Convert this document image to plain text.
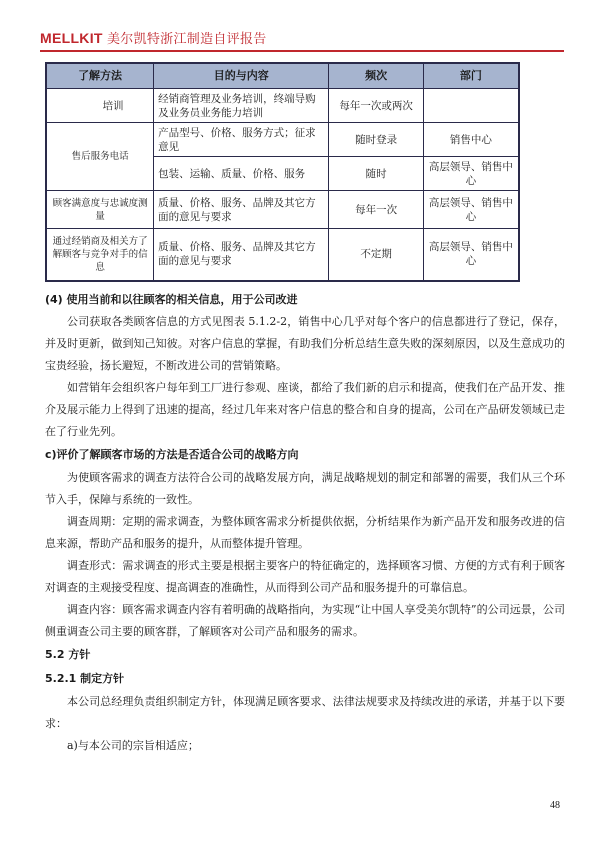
MELLKIT 美尔凯特浙江制造自评报告
了解方法	目的与内容	频次	部门
培训	经销商管理及业务培训，终端导购及业务员业务能力培训	每年一次或两次	
售后服务电话	产品型号、价格、服务方式；征求意见	随时登录	销售中心
	包装、运输、质量、价格、服务	随时	高层领导、销售中心
顾客满意度与忠诚度测量	质量、价格、服务、品牌及其它方面的意见与要求	每年一次	高层领导、销售中心
通过经销商及相关方了解顾客与竞争对手的信息	质量、价格、服务、品牌及其它方面的意见与要求	不定期	高层领导、销售中心
(4) 使用当前和以往顾客的相关信息，用于公司改进

公司获取各类顾客信息的方式见图表 5.1.2-2，销售中心几乎对每个客户的信息都进行了登记，保存，并及时更新，做到知己知彼。对客户信息的掌握，有助我们分析总结生意失败的深刻原因，以及生意成功的宝贵经验，扬长避短，不断改进公司的营销策略。

如营销年会组织客户每年到工厂进行参观、座谈，都给了我们新的启示和提高，使我们在产品开发、推介及展示能力上得到了迅速的提高，经过几年来对客户信息的整合和自身的提高，公司在产品研发领域已走在了行业先列。

c)评价了解顾客市场的方法是否适合公司的战略方向

为使顾客需求的调查方法符合公司的战略发展方向，满足战略规划的制定和部署的需要，我们从三个环节入手，保障与系统的一致性。

调查周期：定期的需求调查，为整体顾客需求分析提供依据，分析结果作为新产品开发和服务改进的信息来源，帮助产品和服务的提升，从而整体提升管理。

调查形式：需求调查的形式主要是根据主要客户的特征确定的，选择顾客习惯、方便的方式有利于顾客对调查的主观接受程度、提高调查的准确性，从而得到公司产品和服务提升的可靠信息。

调查内容：顾客需求调查内容有着明确的战略指向，为实现“让中国人享受美尔凯特”的公司远景，公司侧重调查公司主要的顾客群，了解顾客对公司产品和服务的需求。

5.2 方针
5.2.1 制定方针

本公司总经理负责组织制定方针，体现满足顾客要求、法律法规要求及持续改进的承诺，并基于以下要求：

a)与本公司的宗旨相适应；

48
